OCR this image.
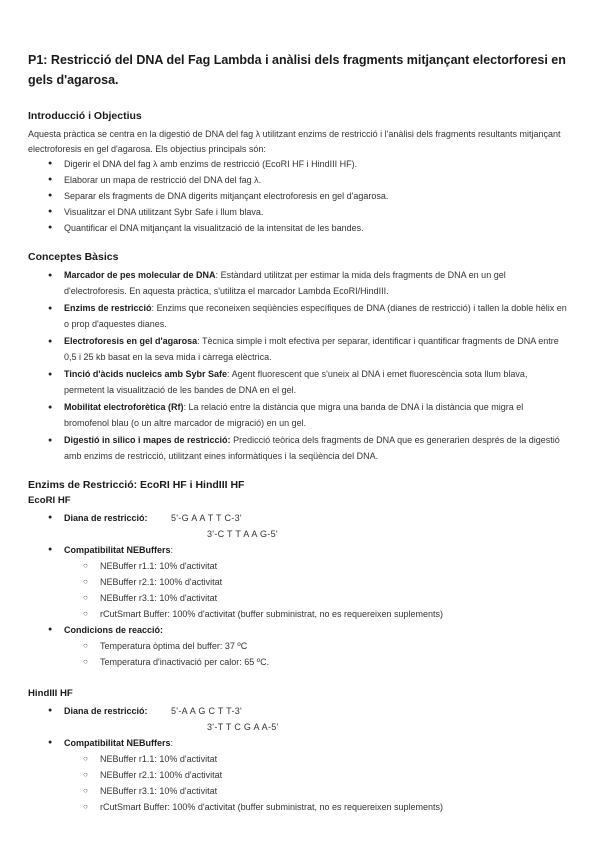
P1: Restricció del DNA del Fag Lambda i anàlisi dels fragments mitjançant electorforesi en gels d'agarosa.
Introducció i Objectius

Aquesta pràctica se centra en la digestió de DNA del fag λ utilitzant enzims de restricció i l'anàlisi dels fragments resultants mitjançant electroforesis en gel d'agarosa. Els objectius principals són:

● Digerir el DNA del fag λ amb enzims de restricció (EcoRI HF i HindIII HF).
● Elaborar un mapa de restricció del DNA del fag λ.
● Separar els fragments de DNA digerits mitjançant electroforesis en gel d'agarosa.
● Visualitzar el DNA utilitzant Sybr Safe i llum blava.
● Quantificar el DNA mitjançant la visualització de la intensitat de les bandes.
Conceptes Bàsics
● Marcador de pes molecular de DNA: Estàndard utilitzat per estimar la mida dels fragments de DNA en un gel d'electroforesis. En aquesta pràctica, s'utilitza el marcador Lambda EcoRI/HindIII.
● Enzims de restricció: Enzims que reconeixen seqüències específiques de DNA (dianes de restricció) i tallen la doble hèlix en o prop d'aquestes dianes.
● Electroforesis en gel d'agarosa: Tècnica simple i molt efectiva per separar, identificar i quantificar fragments de DNA entre 0,5 i 25 kb basat en la seva mida i càrrega elèctrica.
● Tinció d'àcids nucleics amb Sybr Safe: Agent fluorescent que s'uneix al DNA i emet fluorescència sota llum blava, permetent la visualització de les bandes de DNA en el gel.
● Mobilitat electroforètica (Rf): La relació entre la distància que migra una banda de DNA i la distància que migra el bromofenol blau (o un altre marcador de migració) en un gel.
● Digestió in silico i mapes de restricció: Predicció teòrica dels fragments de DNA que es generarien després de la digestió amb enzims de restricció, utilitzant eines informàtiques i la seqüència del DNA.
Enzims de Restricció: EcoRI HF i HindIII HF
EcoRI HF
● Diana de restricció:	5'-G A A T T C-3'
3'-C T T A A G-5'
● Compatibilitat NEBuffers:
○ NEBuffer r1.1: 10% d'activitat
○ NEBuffer r2.1: 100% d'activitat
○ NEBuffer r3.1: 10% d'activitat
○ rCutSmart Buffer: 100% d'activitat (buffer subministrat, no es requereixen suplements)
● Condicions de reacció:
○ Temperatura òptima del buffer: 37 ºC
○ Temperatura d'inactivació per calor: 65 ºC.
HindIII HF
● Diana de restricció:	5'-A A G C T T-3'
3'-T T C G A A-5'
● Compatibilitat NEBuffers:
○ NEBuffer r1.1: 10% d'activitat
○ NEBuffer r2.1: 100% d'activitat
○ NEBuffer r3.1: 10% d'activitat
○ rCutSmart Buffer: 100% d'activitat (buffer subministrat, no es requereixen suplements)
